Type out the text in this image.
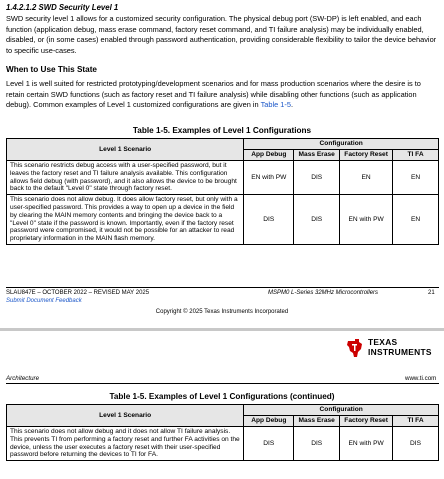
1.4.2.1.2 SWD Security Level 1

SWD security level 1 allows for a customized security configuration. The physical debug port (SW-DP) is left enabled, and each function (application debug, mass erase command, factory reset command, and TI failure analysis) may be individually enabled, disabled, or (in some cases) enabled through password authentication, providing considerable flexibility to tailor the device behavior to specific use-cases.

When to Use This State

Level 1 is well suited for restricted prototyping/development scenarios and for mass production scenarios where the desire is to retain certain SWD functions (such as factory reset and TI failure analysis) while disabling other functions (such as application debug). Common examples of Level 1 customized configurations are given in Table 1-5.

Table 1-5. Examples of Level 1 Configurations
Level 1 Scenario	Configuration			
	App Debug	Mass Erase	Factory Reset	TI FA
This scenario restricts debug access with a user-specified password, but it leaves the factory reset and TI failure analysis available. This configuration allows field debug (with password), and it also allows the device to be brought back to the default "Level 0" state through factory reset.	EN with PW	DIS	EN	EN
This scenario does not allow debug. It does allow factory reset, but only with a user-specified password. This provides a way to open up a device in the field by clearing the MAIN memory contents and bringing the device back to a "Level 0" state if the password is known. Importantly, even if the factory reset password were compromised, it would not be possible for an attacker to read proprietary information in the MAIN flash memory.	DIS	DIS	EN with PW	EN
SLAU847E – OCTOBER 2022 – REVISED MAY 2025
Submit Document Feedback
MSPM0 L-Series 32MHz Microcontrollers	21
Copyright © 2025 Texas Instruments Incorporated
TEXAS
INSTRUMENTS
Architecture	www.ti.com
Table 1-5. Examples of Level 1 Configurations (continued)
Level 1 Scenario	Configuration			
	App Debug	Mass Erase	Factory Reset	TI FA
This scenario does not allow debug and it does not allow TI failure analysis. This prevents TI from performing a factory reset and further FA activities on the device, unless the user executes a factory reset with their user-specified password before returning the devices to TI for FA.	DIS	DIS	EN with PW	DIS
